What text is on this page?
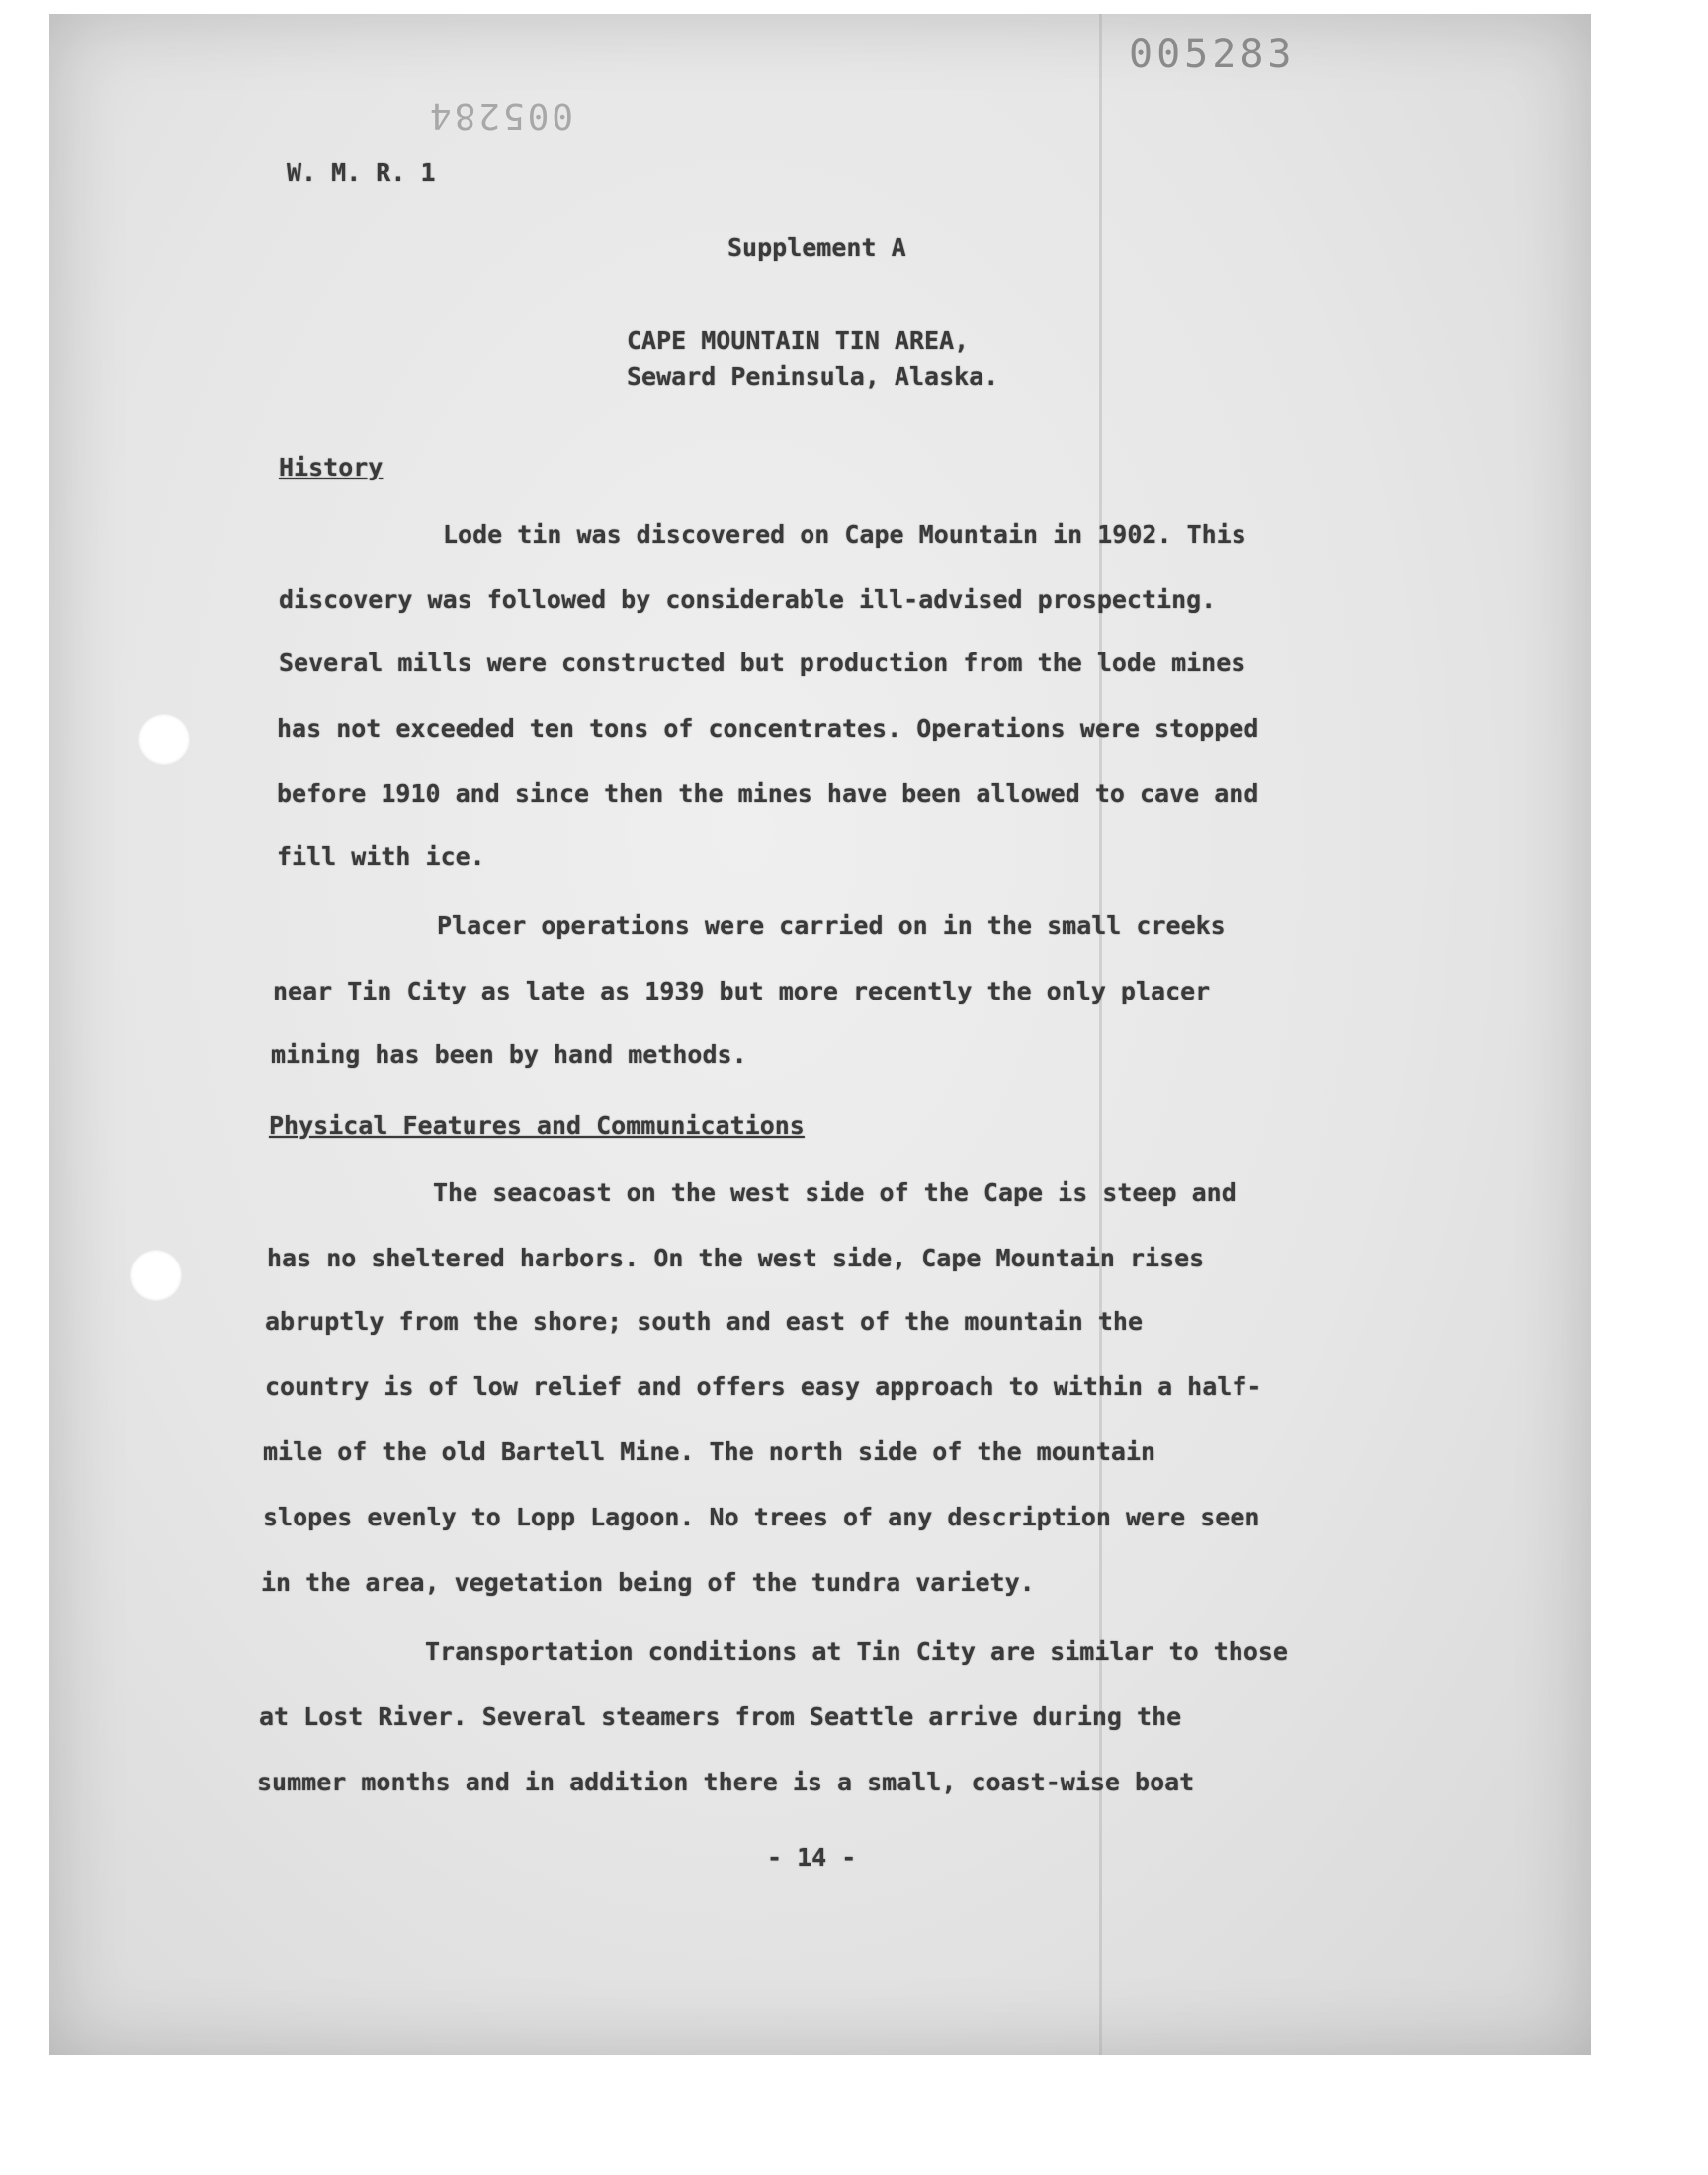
005283
005284

W. M. R. 1

Supplement A

CAPE MOUNTAIN TIN AREA,

Seward Peninsula, Alaska.

History

Lode tin was discovered on Cape Mountain in 1902. This

discovery was followed by considerable ill-advised prospecting.

Several mills were constructed but production from the lode mines

has not exceeded ten tons of concentrates. Operations were stopped

before 1910 and since then the mines have been allowed to cave and

fill with ice.

Placer operations were carried on in the small creeks

near Tin City as late as 1939 but more recently the only placer

mining has been by hand methods.

Physical Features and Communications

The seacoast on the west side of the Cape is steep and

has no sheltered harbors. On the west side, Cape Mountain rises

abruptly from the shore; south and east of the mountain the

country is of low relief and offers easy approach to within a half-

mile of the old Bartell Mine. The north side of the mountain

slopes evenly to Lopp Lagoon. No trees of any description were seen

in the area, vegetation being of the tundra variety.

Transportation conditions at Tin City are similar to those

at Lost River. Several steamers from Seattle arrive during the

summer months and in addition there is a small, coast-wise boat

- 14 -
